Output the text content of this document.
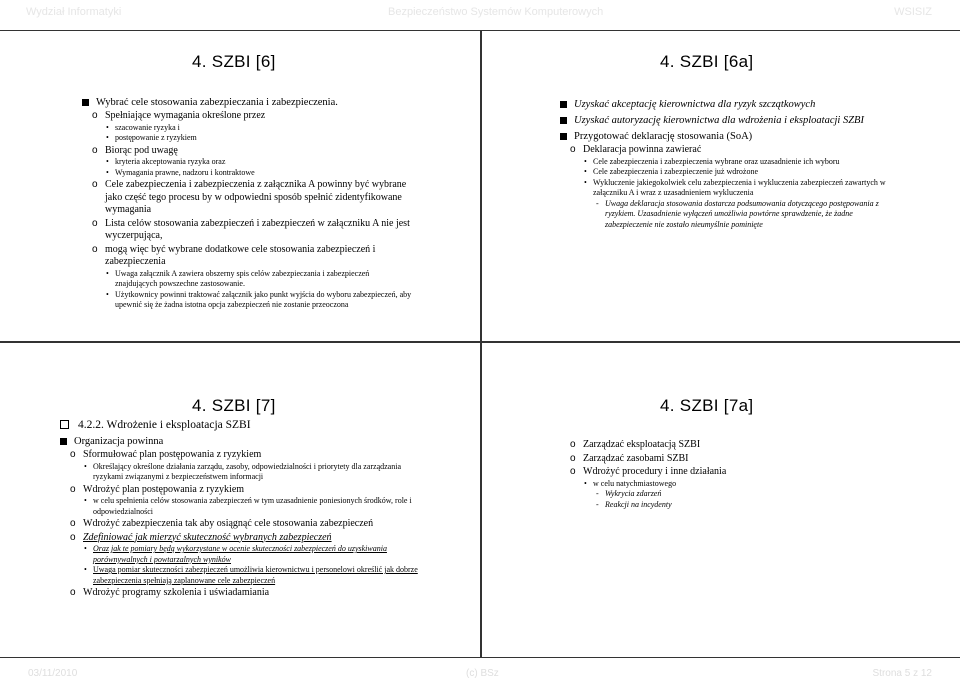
Wydział Informatyki	Bezpieczeństwo Systemów Komputerowych	WSISIZ
4. SZBI [6]
Wybrać cele stosowania zabezpieczania i zabezpieczenia.
o Spełniające wymagania określone przez
• szacowanie ryzyka i
• postępowanie z ryzykiem
o Biorąc pod uwagę
• kryteria akceptowania ryzyka oraz
• Wymagania prawne, nadzoru i kontraktowe
o Cele zabezpieczenia i zabezpieczenia z załącznika A powinny być wybrane jako część tego procesu by w odpowiedni sposób spełnić zidentyfikowane wymagania
o Lista celów stosowania zabezpieczeń i zabezpieczeń w załączniku A nie jest wyczerpująca,
o mogą więc być wybrane dodatkowe cele stosowania zabezpieczeń i zabezpieczenia
• Uwaga załącznik A zawiera obszerny spis celów zabezpieczania i zabezpieczeń znajdujących powszechne zastosowanie.
• Użytkownicy powinni traktować załącznik jako punkt wyjścia do wyboru zabezpieczeń, aby upewnić się że żadna istotna opcja zabezpieczeń nie zostanie przeoczona
4. SZBI [6a]
Uzyskać akceptację kierownictwa dla ryzyk szczątkowych
Uzyskać autoryzację kierownictwa dla wdrożenia i eksploatacji SZBI
Przygotować deklarację stosowania (SoA)
o Deklaracja powinna zawierać
• Cele zabezpieczenia i zabezpieczenia wybrane oraz uzasadnienie ich wyboru
• Cele zabezpieczenia i zabezpieczenie już wdrożone
• Wykluczenie jakiegokolwiek celu zabezpieczenia i wykluczenia zabezpieczeń zawartych w załączniku A i wraz z uzasadnieniem wykluczenia
- Uwaga deklaracja stosowania dostarcza podsumowania dotyczącego postępowania z ryzykiem. Uzasadnienie wyłączeń umożliwia powtórne sprawdzenie, że żadne zabezpieczenie nie zostało nieumyślnie pominięte
4. SZBI [7]
4.2.2. Wdrożenie i eksploatacja SZBI
Organizacja powinna
o Sformułować plan postępowania z ryzykiem
• Określający określone działania zarządu, zasoby, odpowiedzialności i priorytety dla zarządzania ryzykami związanymi z bezpieczeństwem informacji
o Wdrożyć plan postępowania z ryzykiem
• w celu spełnienia celów stosowania zabezpieczeń w tym uzasadnienie poniesionych środków, role i odpowiedzialności
o Wdrożyć zabezpieczenia tak aby osiągnąć cele stosowania zabezpieczeń
o Zdefiniować jak mierzyć skuteczność wybranych zabezpieczeń
• Oraz jak te pomiary będą wykorzystane w ocenie skuteczności zabezpieczeń do uzyskiwania porównywalnych i powtarzalnych wyników
• Uwaga pomiar skuteczności zabezpieczeń umożliwia kierownictwu i personelowi określić jak dobrze zabezpieczenia spełniają zaplanowane cele zabezpieczeń
o Wdrożyć programy szkolenia i uświadamiania
4. SZBI [7a]
o Zarządzać eksploatacją SZBI
o Zarządzać zasobami SZBI
o Wdrożyć procedury i inne działania
• w celu natychmiastowego
- Wykrycia zdarzeń
- Reakcji na incydenty
03/11/2010	(c) BSz	Strona 5 z 12
